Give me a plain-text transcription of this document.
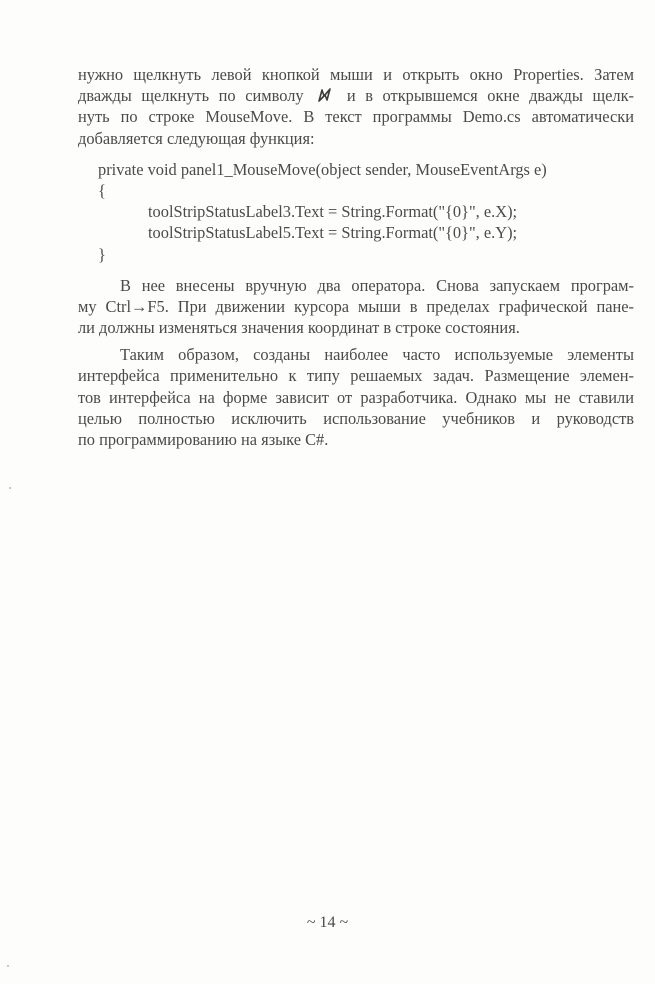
нужно щелкнуть левой кнопкой мыши и открыть окно Properties. Затем
дважды щелкнуть по символу	и в открывшемся окне дважды щелк-
нуть по строке MouseMove. В текст программы Demo.cs автоматически
добавляется следующая функция:
private void panel1_MouseMove(object sender, MouseEventArgs e)
{
toolStripStatusLabel3.Text = String.Format("{0}", e.X);
toolStripStatusLabel5.Text = String.Format("{0}", e.Y);
}
В нее внесены вручную два оператора. Снова запускаем програм-
му Ctrl→F5. При движении курсора мыши в пределах графической пане-
ли должны изменяться значения координат в строке состояния.
Таким образом, созданы наиболее часто используемые элементы
интерфейса применительно к типу решаемых задач. Размещение элемен-
тов интерфейса на форме зависит от разработчика. Однако мы не ставили
целью полностью исключить использование учебников и руководств
по программированию на языке C#.
~ 14 ~
